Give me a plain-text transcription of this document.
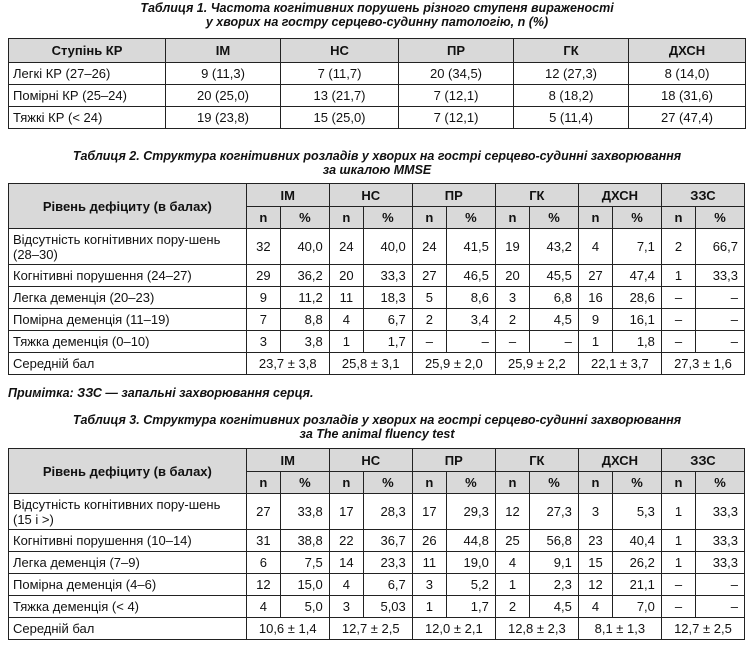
Таблиця 1. Частота когнітивних порушень різного ступеня вираженості
у хворих на гостру серцево-судинну патологію, n (%)
Ступінь КР	ІМ	НС	ПР	ГК	ДХСН
Легкі КР (27–26)	9 (11,3)	7 (11,7)	20 (34,5)	12 (27,3)	8 (14,0)
Помірні КР (25–24)	20 (25,0)	13 (21,7)	7 (12,1)	8 (18,2)	18 (31,6)
Тяжкі КР (< 24)	19 (23,8)	15 (25,0)	7 (12,1)	5 (11,4)	27 (47,4)
Таблиця 2. Структура когнітивних розладів у хворих на гострі серцево-судинні захворювання
за шкалою MMSE
Рівень дефіциту (в балах)	ІМ		НС		ПР		ГК		ДХСН		ЗЗС	
	n	%	n	%	n	%	n	%	n	%	n	%
Відсутність когнітивних пору-шень (28–30)	32	40,0	24	40,0	24	41,5	19	43,2	4	7,1	2	66,7
Когнітивні порушення (24–27)	29	36,2	20	33,3	27	46,5	20	45,5	27	47,4	1	33,3
Легка деменція (20–23)	9	11,2	11	18,3	5	8,6	3	6,8	16	28,6	–	–
Помірна деменція (11–19)	7	8,8	4	6,7	2	3,4	2	4,5	9	16,1	–	–
Тяжка деменція (0–10)	3	3,8	1	1,7	–	–	–	–	1	1,8	–	–
Середній бал	23,7 ± 3,8		25,8 ± 3,1		25,9 ± 2,0		25,9 ± 2,2		22,1 ± 3,7		27,3 ± 1,6	
Примітка: ЗЗС — запальні захворювання серця.
Таблиця 3. Структура когнітивних розладів у хворих на гострі серцево-судинні захворювання
за The animal fluency test
Рівень дефіциту (в балах)	ІМ		НС		ПР		ГК		ДХСН		ЗЗС	
	n	%	n	%	n	%	n	%	n	%	n	%
Відсутність когнітивних пору-шень (15 і >)	27	33,8	17	28,3	17	29,3	12	27,3	3	5,3	1	33,3
Когнітивні порушення (10–14)	31	38,8	22	36,7	26	44,8	25	56,8	23	40,4	1	33,3
Легка деменція (7–9)	6	7,5	14	23,3	11	19,0	4	9,1	15	26,2	1	33,3
Помірна деменція (4–6)	12	15,0	4	6,7	3	5,2	1	2,3	12	21,1	–	–
Тяжка деменція (< 4)	4	5,0	3	5,03	1	1,7	2	4,5	4	7,0	–	–
Середній бал	10,6 ± 1,4		12,7 ± 2,5		12,0 ± 2,1		12,8 ± 2,3		8,1 ± 1,3		12,7 ± 2,5	
